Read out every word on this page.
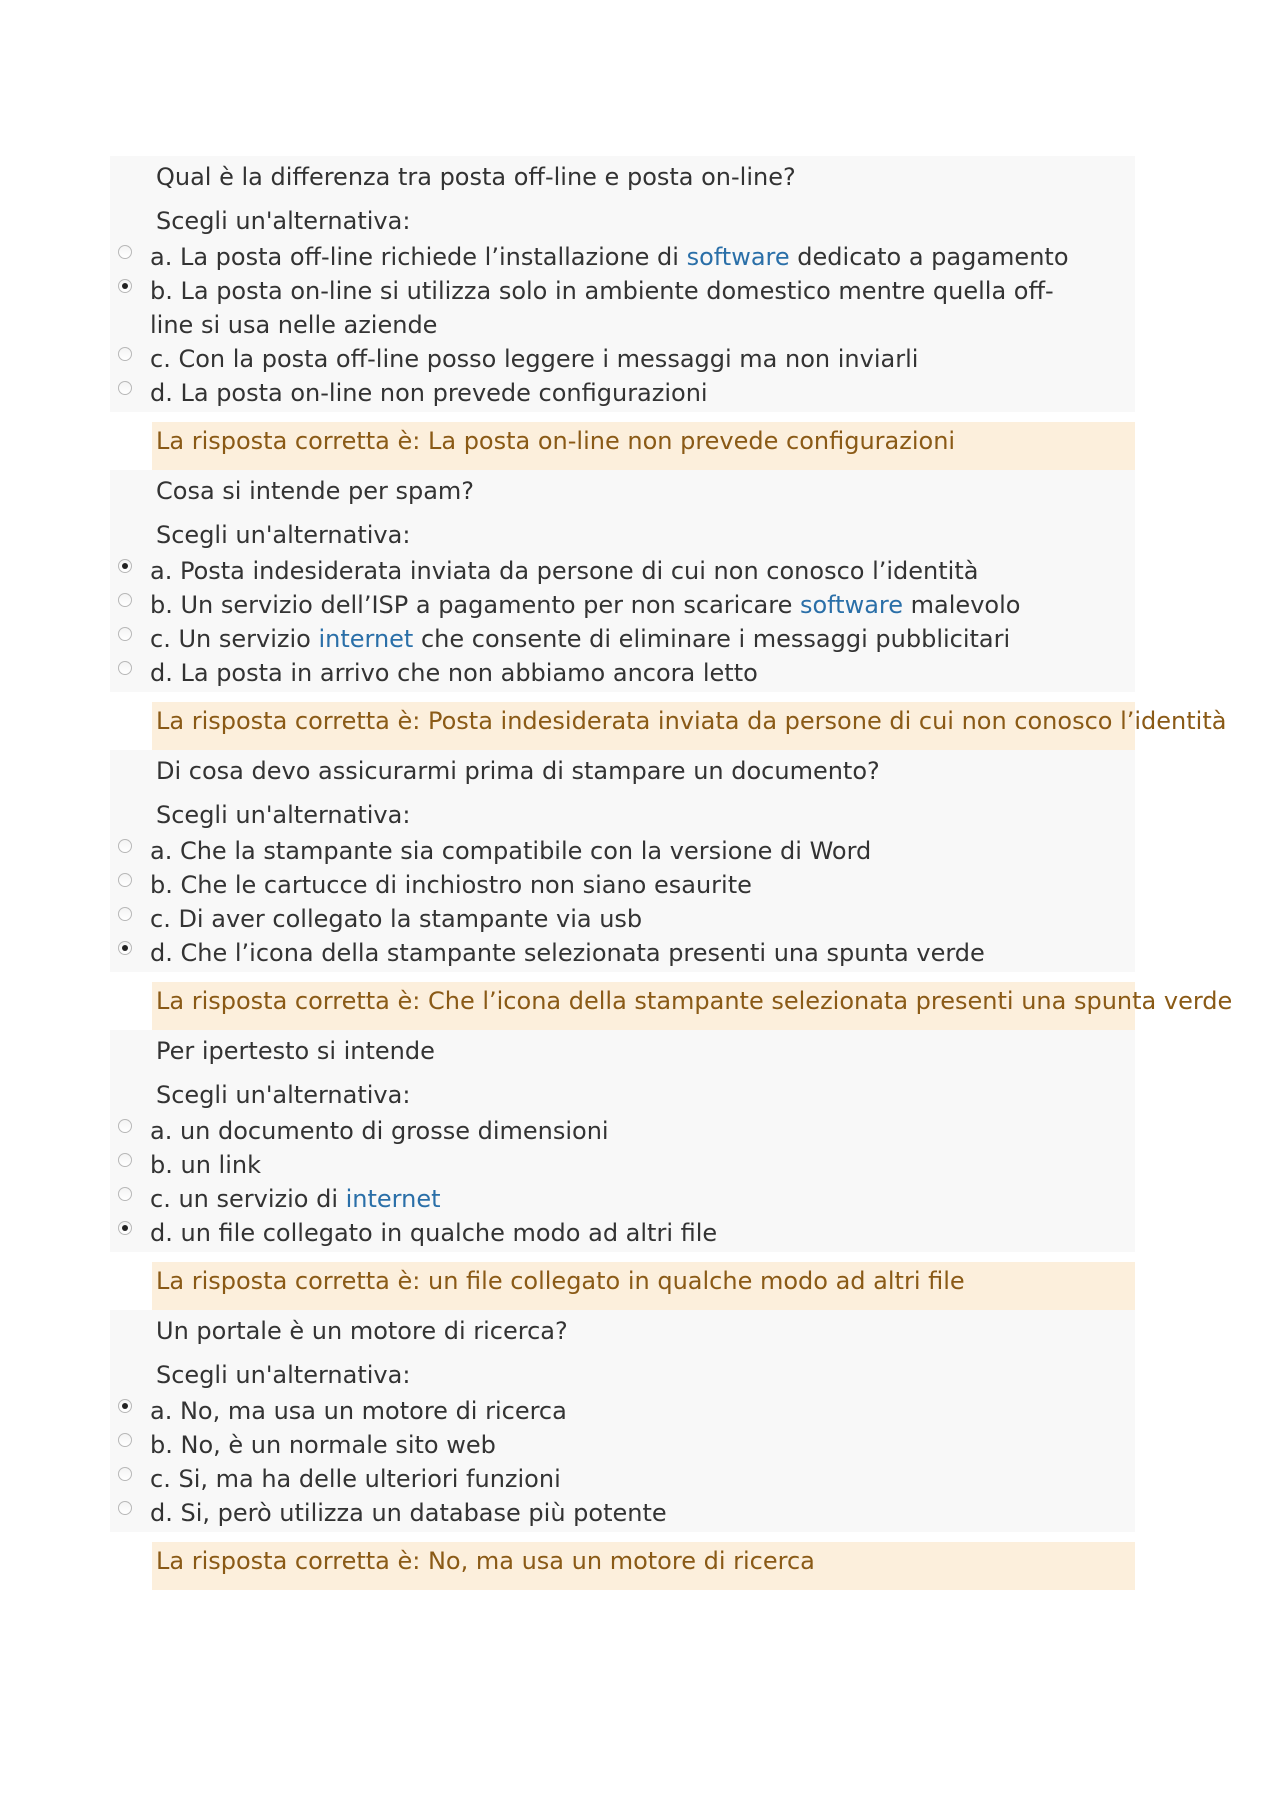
Qual è la differenza tra posta off-line e posta on-line?

Scegli un'alternativa:

a. La posta off-line richiede l’installazione di software dedicato a pagamento
b. La posta on-line si utilizza solo in ambiente domestico mentre quella off-line si usa nelle aziende
c. Con la posta off-line posso leggere i messaggi ma non inviarli
d. La posta on-line non prevede configurazioni
La risposta corretta è: La posta on-line non prevede configurazioni

Cosa si intende per spam?

Scegli un'alternativa:

a. Posta indesiderata inviata da persone di cui non conosco l’identità
b. Un servizio dell’ISP a pagamento per non scaricare software malevolo
c. Un servizio internet che consente di eliminare i messaggi pubblicitari
d. La posta in arrivo che non abbiamo ancora letto
La risposta corretta è: Posta indesiderata inviata da persone di cui non conosco l’identità

Di cosa devo assicurarmi prima di stampare un documento?

Scegli un'alternativa:

a. Che la stampante sia compatibile con la versione di Word
b. Che le cartucce di inchiostro non siano esaurite
c. Di aver collegato la stampante via usb
d. Che l’icona della stampante selezionata presenti una spunta verde
La risposta corretta è: Che l’icona della stampante selezionata presenti una spunta verde

Per ipertesto si intende

Scegli un'alternativa:

a. un documento di grosse dimensioni
b. un link
c. un servizio di internet
d. un file collegato in qualche modo ad altri file
La risposta corretta è: un file collegato in qualche modo ad altri file

Un portale è un motore di ricerca?

Scegli un'alternativa:

a. No, ma usa un motore di ricerca
b. No, è un normale sito web
c. Si, ma ha delle ulteriori funzioni
d. Si, però utilizza un database più potente
La risposta corretta è: No, ma usa un motore di ricerca
